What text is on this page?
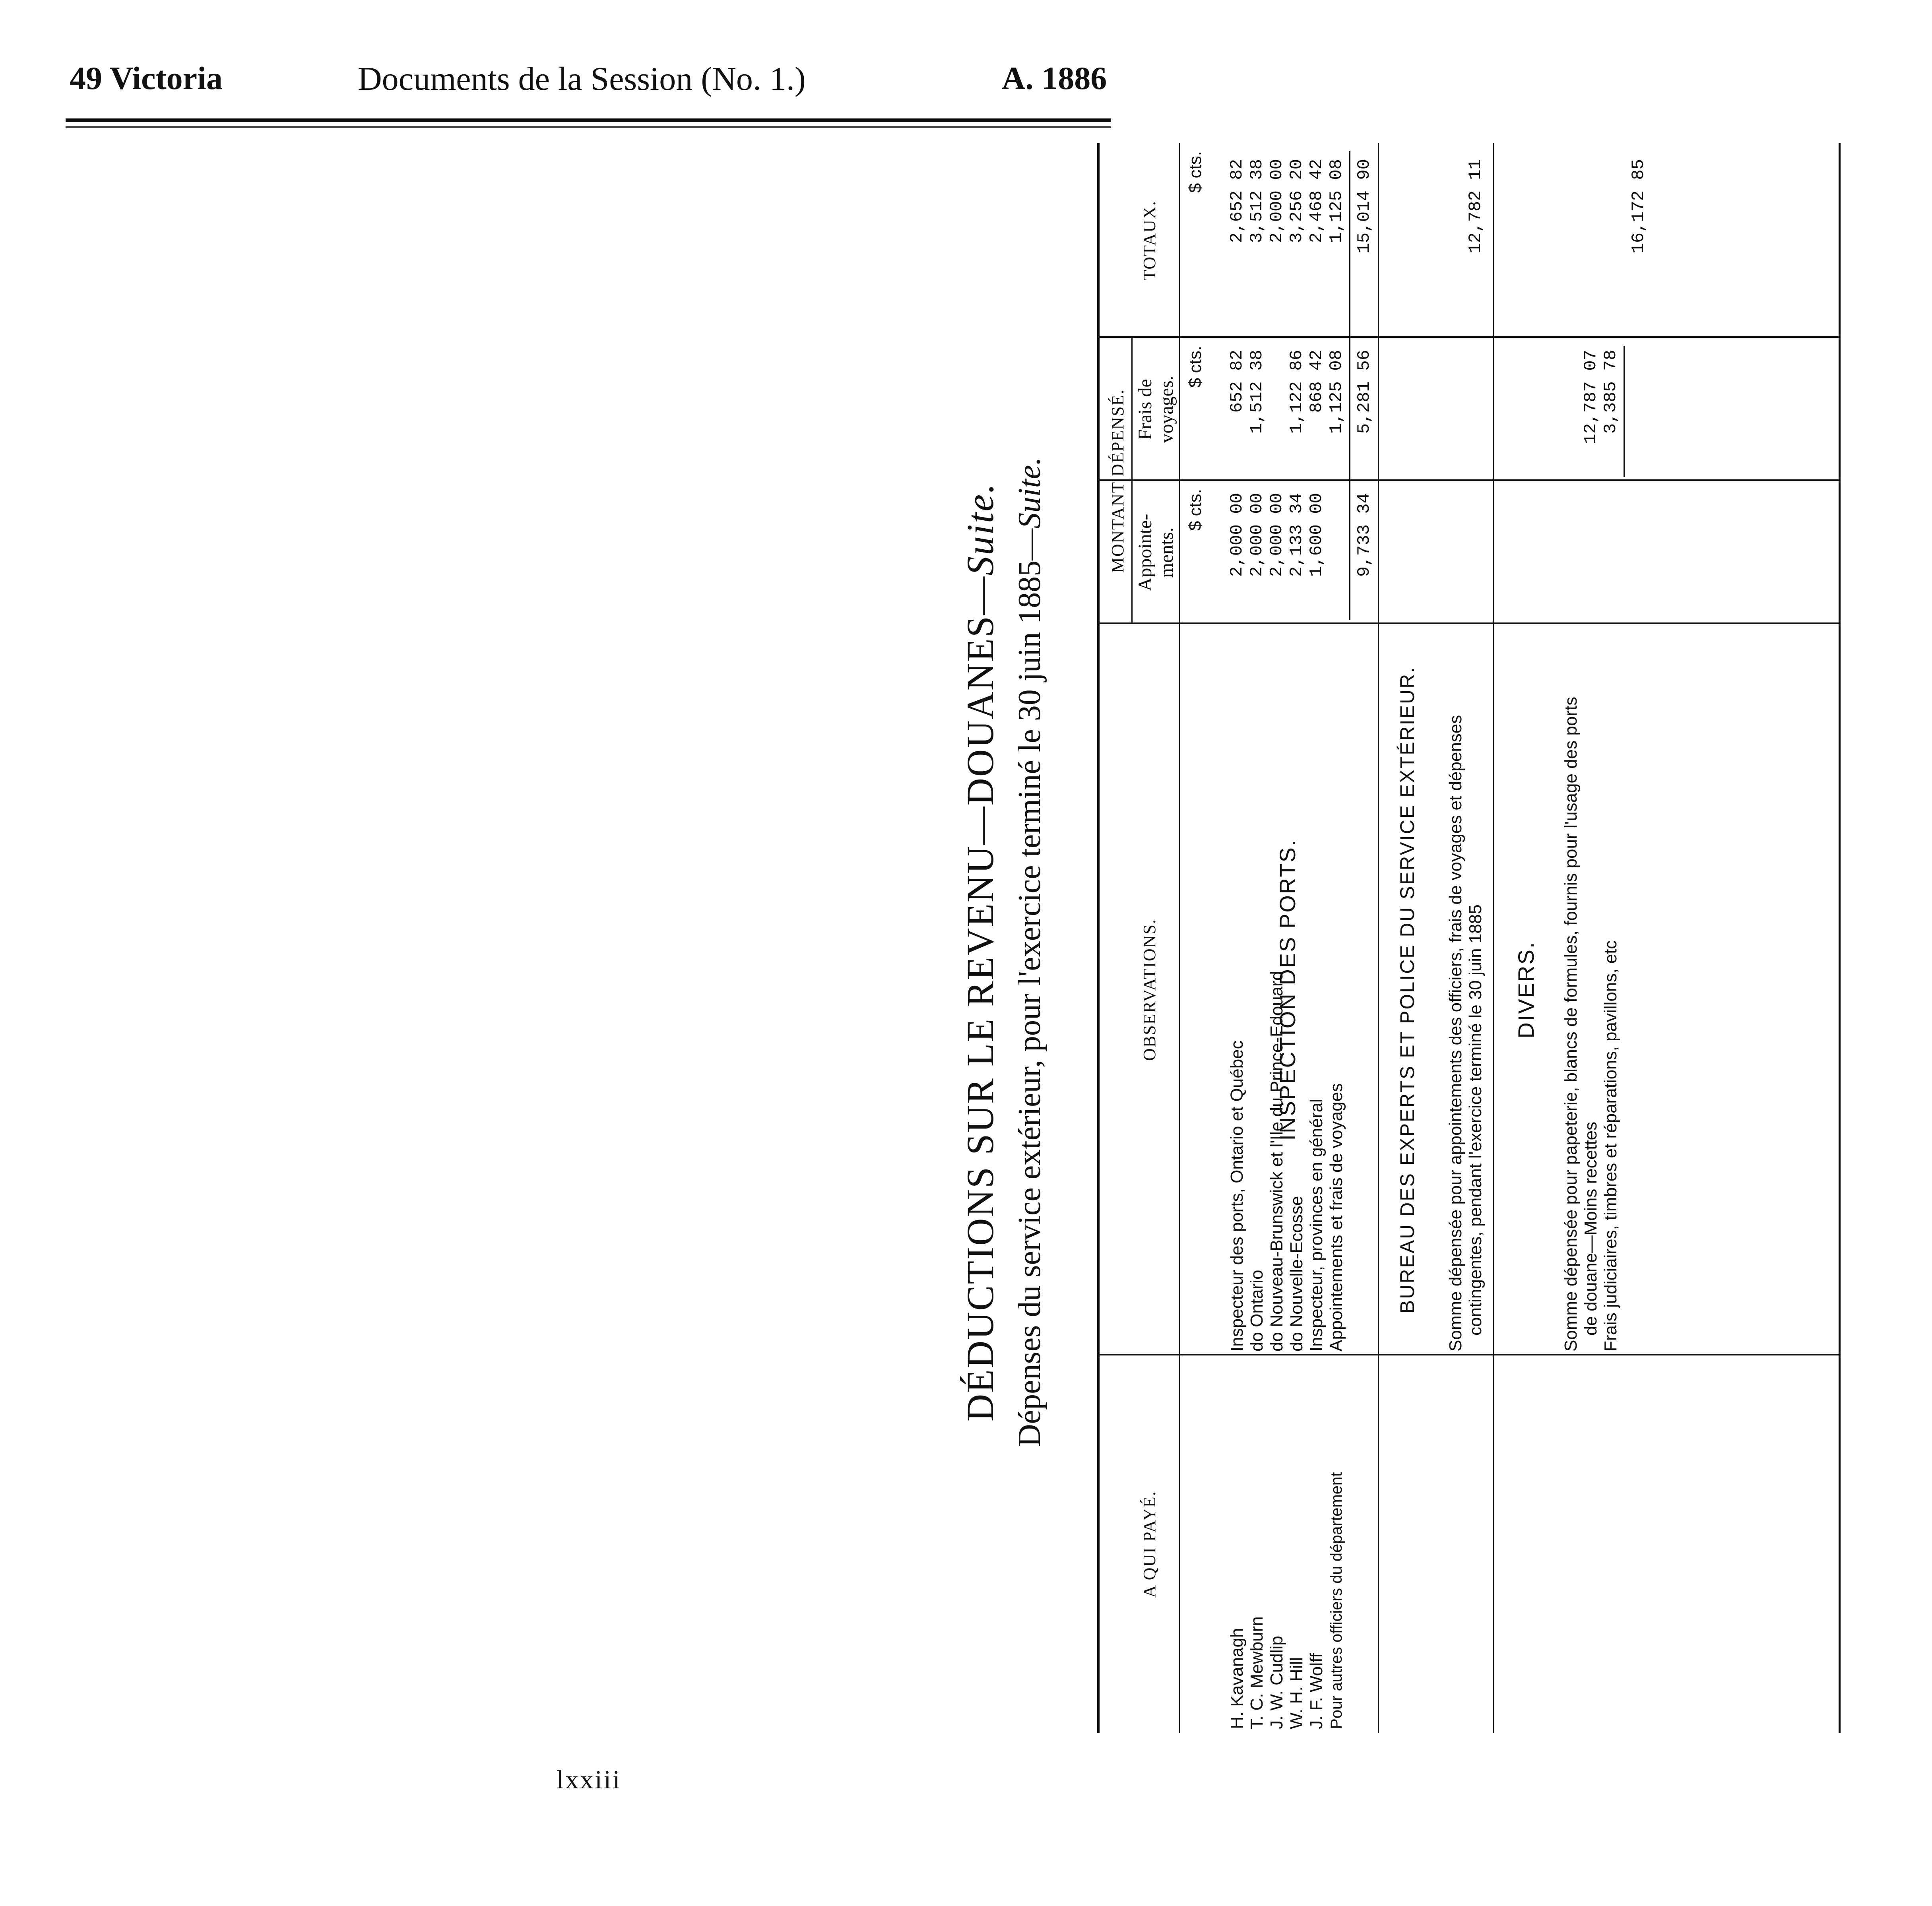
49 Victoria	Documents de la Session (No. 1.)	A. 1886
DÉDUCTIONS SUR LE REVENU—DOUANES—Suite. Dépenses du service extérieur, pour l'exercice terminé le 30 juin 1885—Suite.
A QUI PAYÉ.
OBSERVATIONS.
MONTANT DÉPENSÉ. Appointe-ments.
Frais de voyages.
TOTAUX.
$ cts.
$ cts.
$ cts.
INSPECTION DES PORTS.
H. Kavanagh T. C. Mewburn J. W. Cudlip W. H. Hill J. F. Wolff Pour autres officiers du département
Inspecteur des ports, Ontario et Québec do Ontario do Nouveau-Brunswick et l'Ile du Prince-Edouard do Nouvelle-Ecosse Inspecteur, provinces en général Appointements et frais de voyages
2,000 00 2,000 00 2,000 00 2,133 34 1,600 00
652 82 1,512 38 1,122 86 868 42 1,125 08
2,652 82 3,512 38 2,000 00 3,256 20 2,468 42 1,125 08
9,733 34
5,281 56
15,014 90
BUREAU DES EXPERTS ET POLICE DU SERVICE EXTÉRIEUR. Somme dépensée pour appointements des officiers, frais de voyages et dépenses contingentes, pendant l'exercice terminé le 30 juin 1885
12,782 11
DIVERS. Somme dépensée pour papeterie, blancs de formules, fournis pour l'usage des ports de douane—Moins recettes Frais judiciaires, timbres et réparations, pavillons, etc
12,787 07 3,385 78
16,172 85
lxxiii
